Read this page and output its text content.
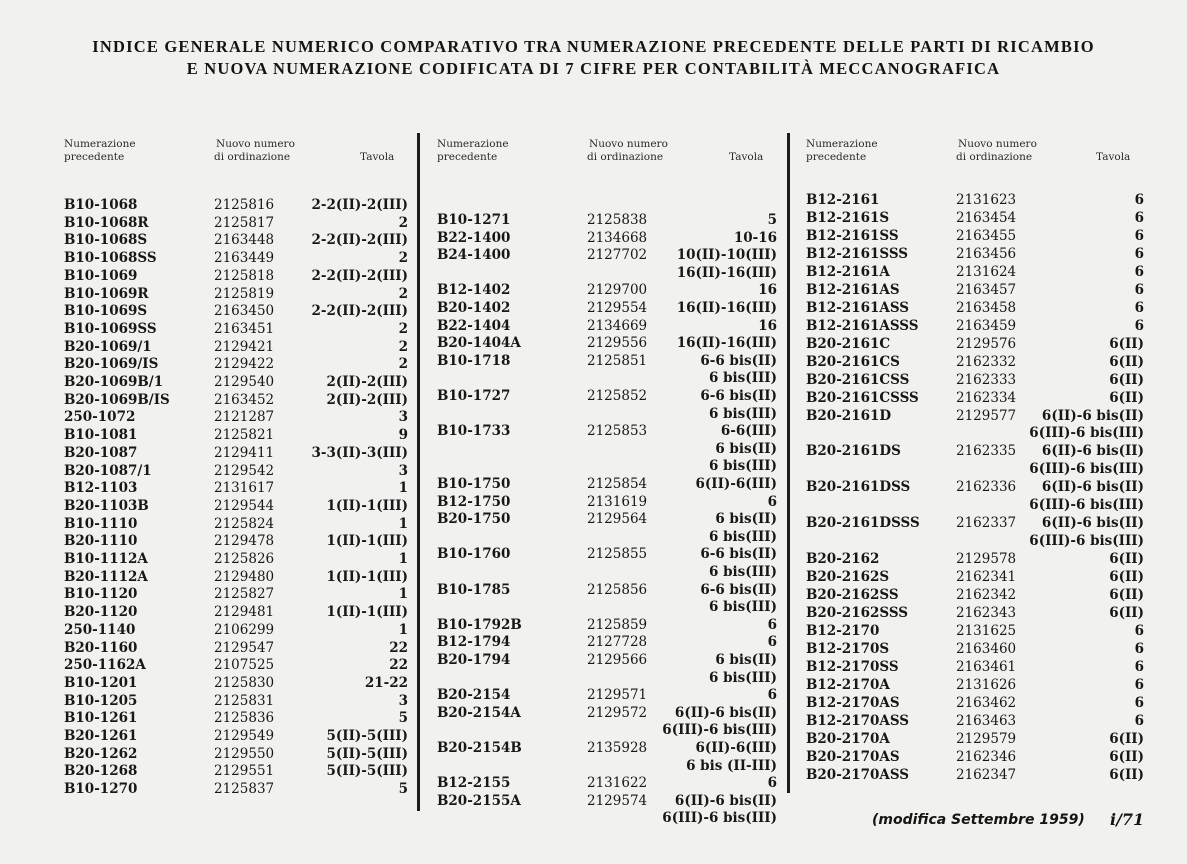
INDICE GENERALE NUMERICO COMPARATIVO TRA NUMERAZIONE PRECEDENTE DELLE PARTI DI RICAMBIO
E NUOVA NUMERAZIONE CODIFICATA DI 7 CIFRE PER CONTABILITÀ MECCANOGRAFICA
Numerazione
precedente
Nuovo numero
di ordinazione	Tavola
B10-1068	2125816	2-2(II)-2(III)
B10-1068R	2125817	2
B10-1068S	2163448	2-2(II)-2(III)
B10-1068SS	2163449	2
B10-1069	2125818	2-2(II)-2(III)
B10-1069R	2125819	2
B10-1069S	2163450	2-2(II)-2(III)
B10-1069SS	2163451	2
B20-1069/1	2129421	2
B20-1069/IS	2129422	2
B20-1069B/1	2129540	2(II)-2(III)
B20-1069B/IS	2163452	2(II)-2(III)
250-1072	2121287	3
B10-1081	2125821	9
B20-1087	2129411	3-3(II)-3(III)
B20-1087/1	2129542	3
B12-1103	2131617	1
B20-1103B	2129544	1(II)-1(III)
B10-1110	2125824	1
B20-1110	2129478	1(II)-1(III)
B10-1112A	2125826	1
B20-1112A	2129480	1(II)-1(III)
B10-1120	2125827	1
B20-1120	2129481	1(II)-1(III)
250-1140	2106299	1
B20-1160	2129547	22
250-1162A	2107525	22
B10-1201	2125830	21-22
B10-1205	2125831	3
B10-1261	2125836	5
B20-1261	2129549	5(II)-5(III)
B20-1262	2129550	5(II)-5(III)
B20-1268	2129551	5(II)-5(III)
B10-1270	2125837	5
Numerazione
precedente
Nuovo numero
di ordinazione	Tavola
B10-1271	2125838	5
B22-1400	2134668	10-16
B24-1400	2127702 10(II)-10(III)
16(II)-16(III)
B12-1402	2129700	16
B20-1402	2129554 16(II)-16(III)
B22-1404	2134669	16
B20-1404A	2129556 16(II)-16(III)
B10-1718	2125851	6-6 bis(II)
6 bis(III)
B10-1727	2125852	6-6 bis(II)
6 bis(III)
B10-1733	2125853	6-6(III)
6 bis(II)
6 bis(III)
B10-1750	2125854	6(II)-6(III)
B12-1750	2131619	6
B20-1750	2129564	6 bis(II)
6 bis(III)
B10-1760	2125855	6-6 bis(II)
6 bis(III)
B10-1785	2125856	6-6 bis(II)
6 bis(III)
B10-1792B	2125859	6
B12-1794	2127728	6
B20-1794	2129566	6 bis(II)
6 bis(III)
B20-2154	2129571	6
B20-2154A	2129572 6(II)-6 bis(II)
6(III)-6 bis(III)
B20-2154B	2135928	6(II)-6(III)
6 bis (II-III)
B12-2155	2131622	6
B20-2155A	2129574 6(II)-6 bis(II)
6(III)-6 bis(III)
Numerazione
precedente
Nuovo numero
di ordinazione	Tavola
B12-2161	2131623	6
B12-2161S	2163454	6
B12-2161SS	2163455	6
B12-2161SSS	2163456	6
B12-2161A	2131624	6
B12-2161AS	2163457	6
B12-2161ASS	2163458	6
B12-2161ASSS	2163459	6
B20-2161C	2129576	6(II)
B20-2161CS	2162332	6(II)
B20-2161CSS	2162333	6(II)
B20-2161CSSS	2162334	6(II)
B20-2161D	2129577 6(II)-6 bis(II)
6(III)-6 bis(III)
B20-2161DS	2162335 6(II)-6 bis(II)
6(III)-6 bis(III)
B20-2161DSS	2162336 6(II)-6 bis(II)
6(III)-6 bis(III)
B20-2161DSSS	2162337 6(II)-6 bis(II)
6(III)-6 bis(III)
B20-2162	2129578	6(II)
B20-2162S	2162341	6(II)
B20-2162SS	2162342	6(II)
B20-2162SSS	2162343	6(II)
B12-2170	2131625	6
B12-2170S	2163460	6
B12-2170SS	2163461	6
B12-2170A	2131626	6
B12-2170AS	2163462	6
B12-2170ASS	2163463	6
B20-2170A	2129579	6(II)
B20-2170AS	2162346	6(II)
B20-2170ASS	2162347	6(II)
(modifica Settembre 1959) i/71
